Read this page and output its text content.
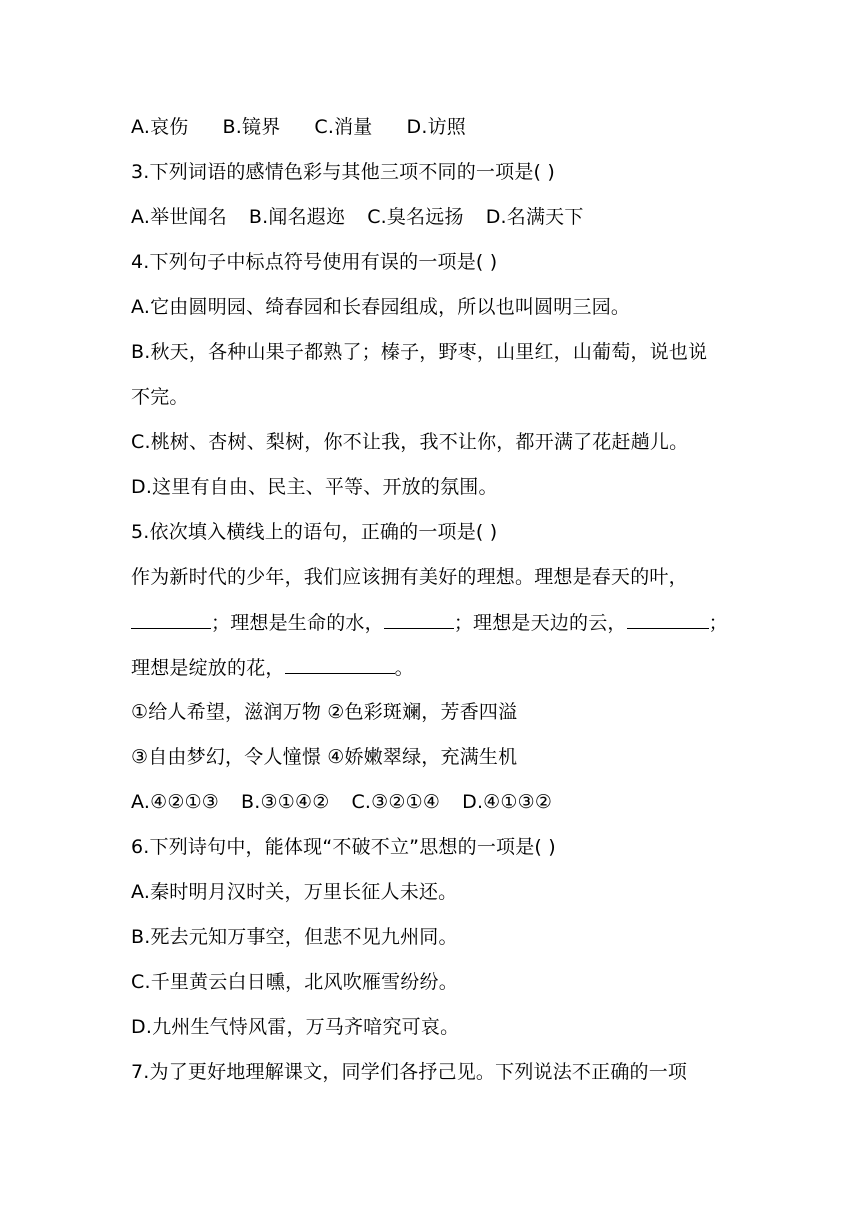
A.哀伤 B.镜界 C.消量 D.访照
3.下列词语的感情色彩与其他三项不同的一项是( )
A.举世闻名 B.闻名遐迩 C.臭名远扬 D.名满天下
4.下列句子中标点符号使用有误的一项是( )
A.它由圆明园、绮春园和长春园组成，所以也叫圆明三园。
B.秋天，各种山果子都熟了；榛子，野枣，山里红，山葡萄，说也说
不完。
C.桃树、杏树、梨树，你不让我，我不让你，都开满了花赶趟儿。
D.这里有自由、民主、平等、开放的氛围。
5.依次填入横线上的语句，正确的一项是( )
作为新时代的少年，我们应该拥有美好的理想。理想是春天的叶，
；理想是生命的水，	；理想是天边的云，	；
理想是绽放的花，	。
①给人希望，滋润万物 ②色彩斑斓，芳香四溢
③自由梦幻，令人憧憬 ④娇嫩翠绿，充满生机
A.④②①③ B.③①④② C.③②①④ D.④①③②
6.下列诗句中，能体现“不破不立”思想的一项是( )
A.秦时明月汉时关，万里长征人未还。
B.死去元知万事空，但悲不见九州同。
C.千里黄云白日曛，北风吹雁雪纷纷。
D.九州生气恃风雷，万马齐喑究可哀。
7.为了更好地理解课文，同学们各抒己见。下列说法不正确的一项
